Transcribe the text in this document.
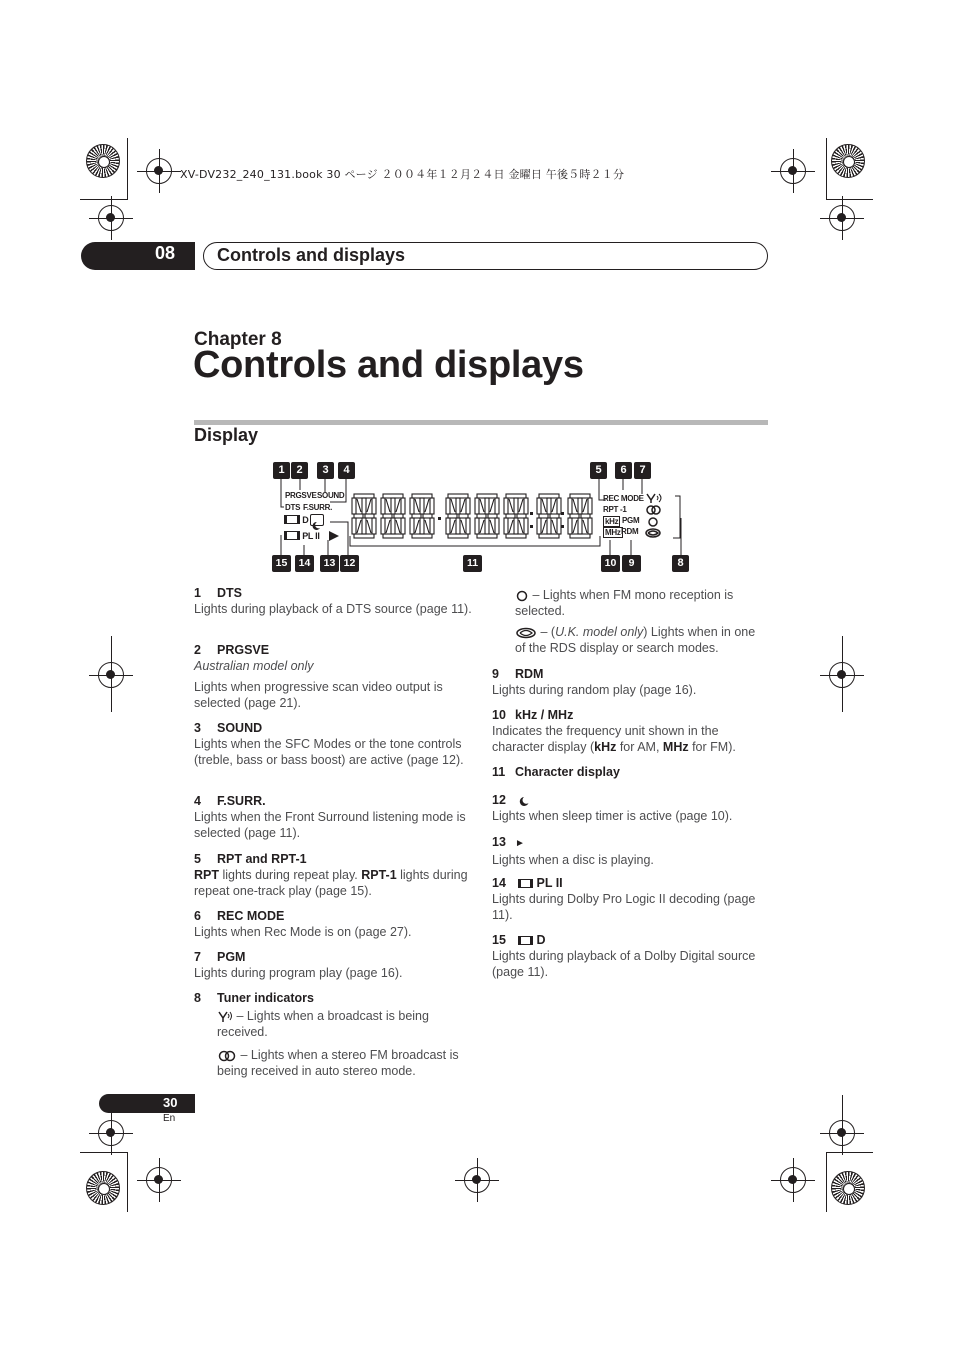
XV-DV232_240_131.book 30 ページ ２００４年１２月２４日 金曜日 午後５時２１分
08 Controls and displays
Chapter 8
Controls and displays
Display
1	2	3	4	5	6	7
PRGSVE SOUND
DTS F.SURR.
D
PL II
REC MODE
RPT -1
kHz
MHz
PGM
RDM
15	14	13 12	11	10	9	8
1 DTS

Lights during playback of a DTS source (page 11).

2 PRGSVE

Australian model only

Lights when progressive scan video output is selected (page 21).

3 SOUND

Lights when the SFC Modes or the tone controls (treble, bass or bass boost) are active (page 12).

4 F.SURR.

Lights when the Front Surround listening mode is selected (page 11).

5 RPT and RPT-1

RPT lights during repeat play. RPT-1 lights during repeat one-track play (page 15).

6 REC MODE

Lights when Rec Mode is on (page 27).

7 PGM

Lights during program play (page 16).

8 Tuner indicators

– Lights when a broadcast is being received.

– Lights when a stereo FM broadcast is being received in auto stereo mode.

– Lights when FM mono reception is selected.

– (U.K. model only) Lights when in one of the RDS display or search modes.

9 RDM

Lights during random play (page 16).

10 kHz / MHz

Indicates the frequency unit shown in the character display (kHz for AM, MHz for FM).

11 Character display
12

Lights when sleep timer is active (page 10).

13 ►

Lights when a disc is playing.

14 PL II

Lights during Dolby Pro Logic II decoding (page 11).

15 D

Lights during playback of a Dolby Digital source (page 11).

30
En
